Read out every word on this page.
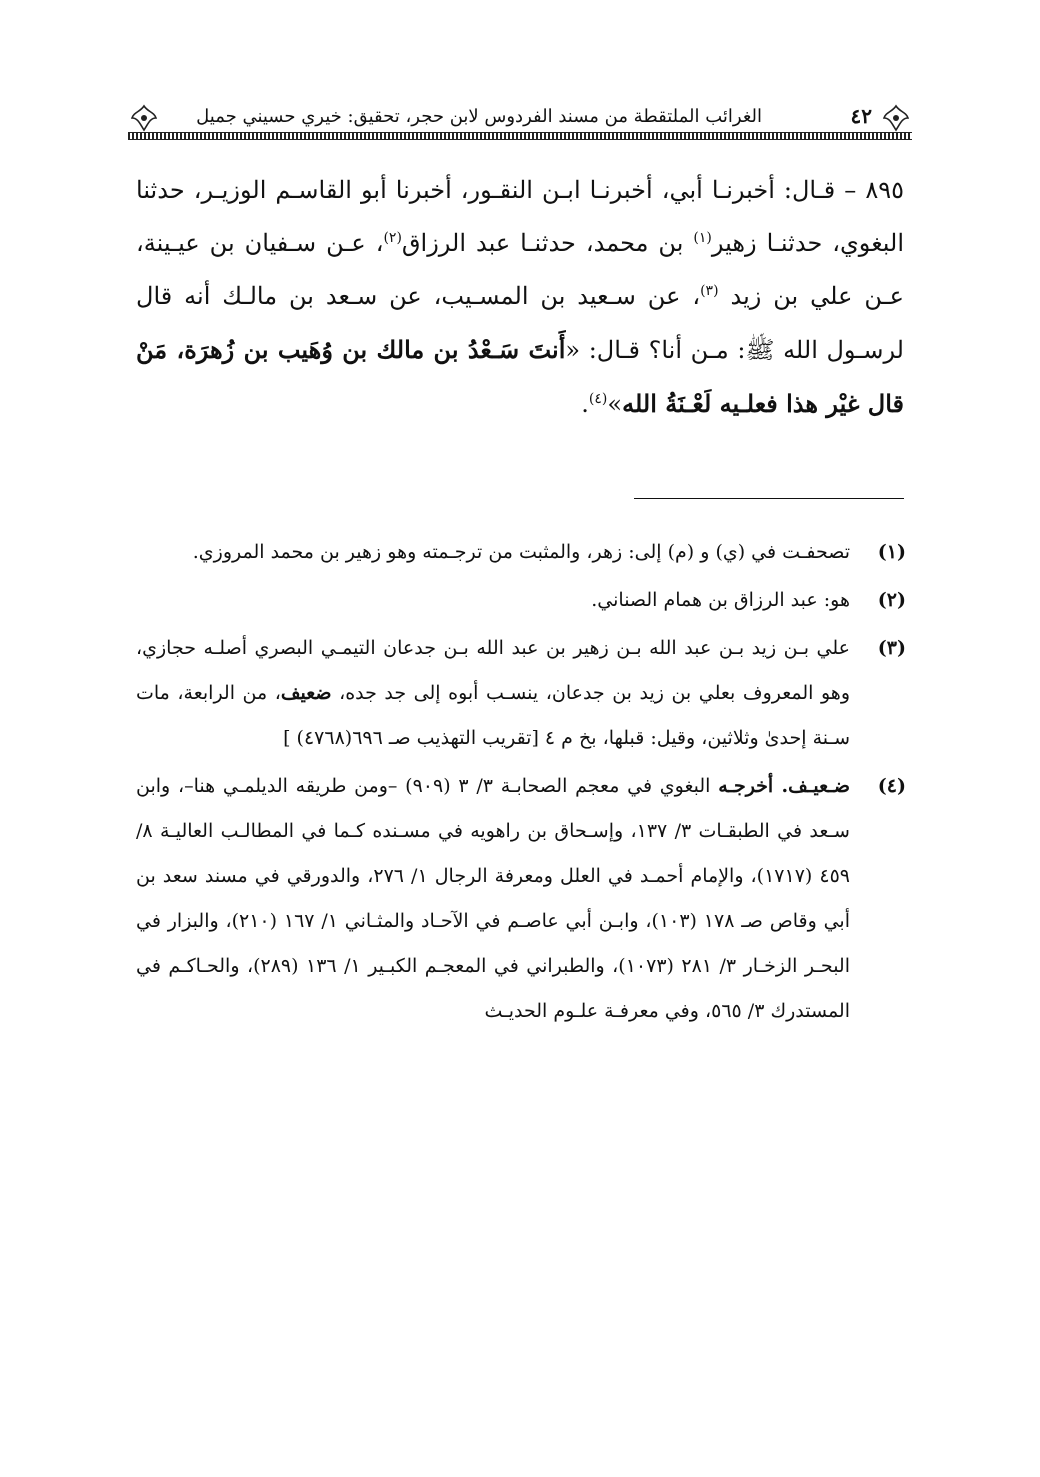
٤٢
الغرائب الملتقطة من مسند الفردوس لابن حجر، تحقيق: خيري حسيني جميل
٨٩٥ – قـال: أخبرنـا أبي، أخبرنـا ابـن النقـور، أخبرنا أبو القاسـم الوزيـر، حدثنا البغوي، حدثنـا زهير$^{(١)}$ بن محمد، حدثنـا عبد الرزاق$^{(٢)}$، عـن سـفيان بن عيـينة، عـن علي بن زيد $^{(٣)}$، عن سـعيد بن المسـيب، عن سـعد بن مالـك أنه قال لرسـول الله ﷺ: مـن أنا؟ قـال: «أَنتَ سَـعْدُ بن مالك بن وُهَيب بن زُهرَة، مَنْ قال غيْر هذا فعلـيه لَعْـنَةُ الله»$^{(٤)}$.
(١)
تصحفـت في (ي) و (م) إلى: زهر، والمثبت من ترجـمته وهو زهير بن محمد المروزي.
(٢)
هو: عبد الرزاق بن همام الصناني.
(٣)
علي بـن زيد بـن عبد الله بـن زهير بن عبد الله بـن جدعان التيمـي البصري أصلـه حجازي، وهو المعروف بعلي بن زيد بن جدعان، ينسـب أبوه إلى جد جده، ضعيف، من الرابعة، مات سـنة إحدىٰ وثلاثين، وقيل: قبلها، بخ م ٤ [تقريب التهذيب صـ ٦٩٦(٤٧٦٨) ]
(٤)
ضـعيـف. أخرجـه البغوي في معجم الصحابـة ٣/ ٣ (٩٠٩) –ومن طريقه الديلمـي هنا–، وابن سـعد في الطبقـات ٣/ ١٣٧، وإسـحاق بن راهويه في مسـنده كـما في المطالـب العاليـة ٨/ ٤٥٩ (١٧١٧)، والإمام أحمـد في العلل ومعرفة الرجال ١/ ٢٧٦، والدورقي في مسند سعد بن أبي وقاص صـ ١٧٨ (١٠٣)، وابـن أبي عاصـم في الآحـاد والمثـاني ١/ ١٦٧ (٢١٠)، والبزار في البحـر الزخـار ٣/ ٢٨١ (١٠٧٣)، والطبراني في المعجـم الكبـير ١/ ١٣٦ (٢٨٩)، والحـاكـم في المستدرك ٣/ ٥٦٥، وفي معرفـة علـوم الحديـث
